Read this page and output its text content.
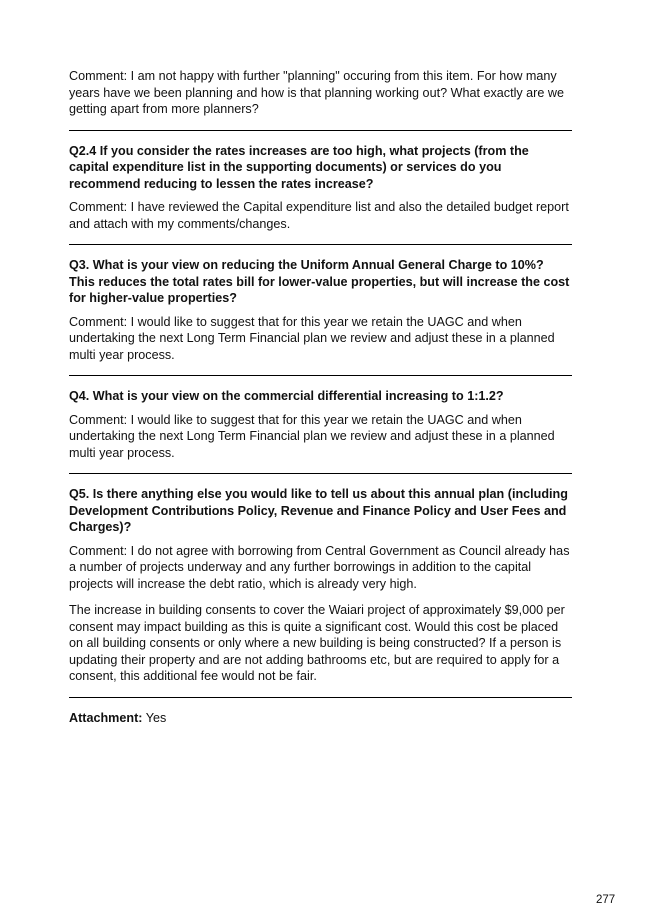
Comment: I am not happy with further "planning" occuring from this item. For how many years have we been planning and how is that planning working out? What exactly are we getting apart from more planners?

Q2.4 If you consider the rates increases are too high, what projects (from the capital expenditure list in the supporting documents) or services do you recommend reducing to lessen the rates increase?

Comment: I have reviewed the Capital expenditure list and also the detailed budget report and attach with my comments/changes.

Q3. What is your view on reducing the Uniform Annual General Charge to 10%? This reduces the total rates bill for lower-value properties, but will increase the cost for higher-value properties?

Comment: I would like to suggest that for this year we retain the UAGC and when undertaking the next Long Term Financial plan we review and adjust these in a planned multi year process.

Q4. What is your view on the commercial differential increasing to 1:1.2?

Comment: I would like to suggest that for this year we retain the UAGC and when undertaking the next Long Term Financial plan we review and adjust these in a planned multi year process.

Q5. Is there anything else you would like to tell us about this annual plan (including Development Contributions Policy, Revenue and Finance Policy and User Fees and Charges)?

Comment: I do not agree with borrowing from Central Government as Council already has a number of projects underway and any further borrowings in addition to the capital projects will increase the debt ratio, which is already very high.

The increase in building consents to cover the Waiari project of approximately $9,000 per consent may impact building as this is quite a significant cost. Would this cost be placed on all building consents or only where a new building is being constructed? If a person is updating their property and are not adding bathrooms etc, but are required to apply for a consent, this additional fee would not be fair.

Attachment: Yes
277
